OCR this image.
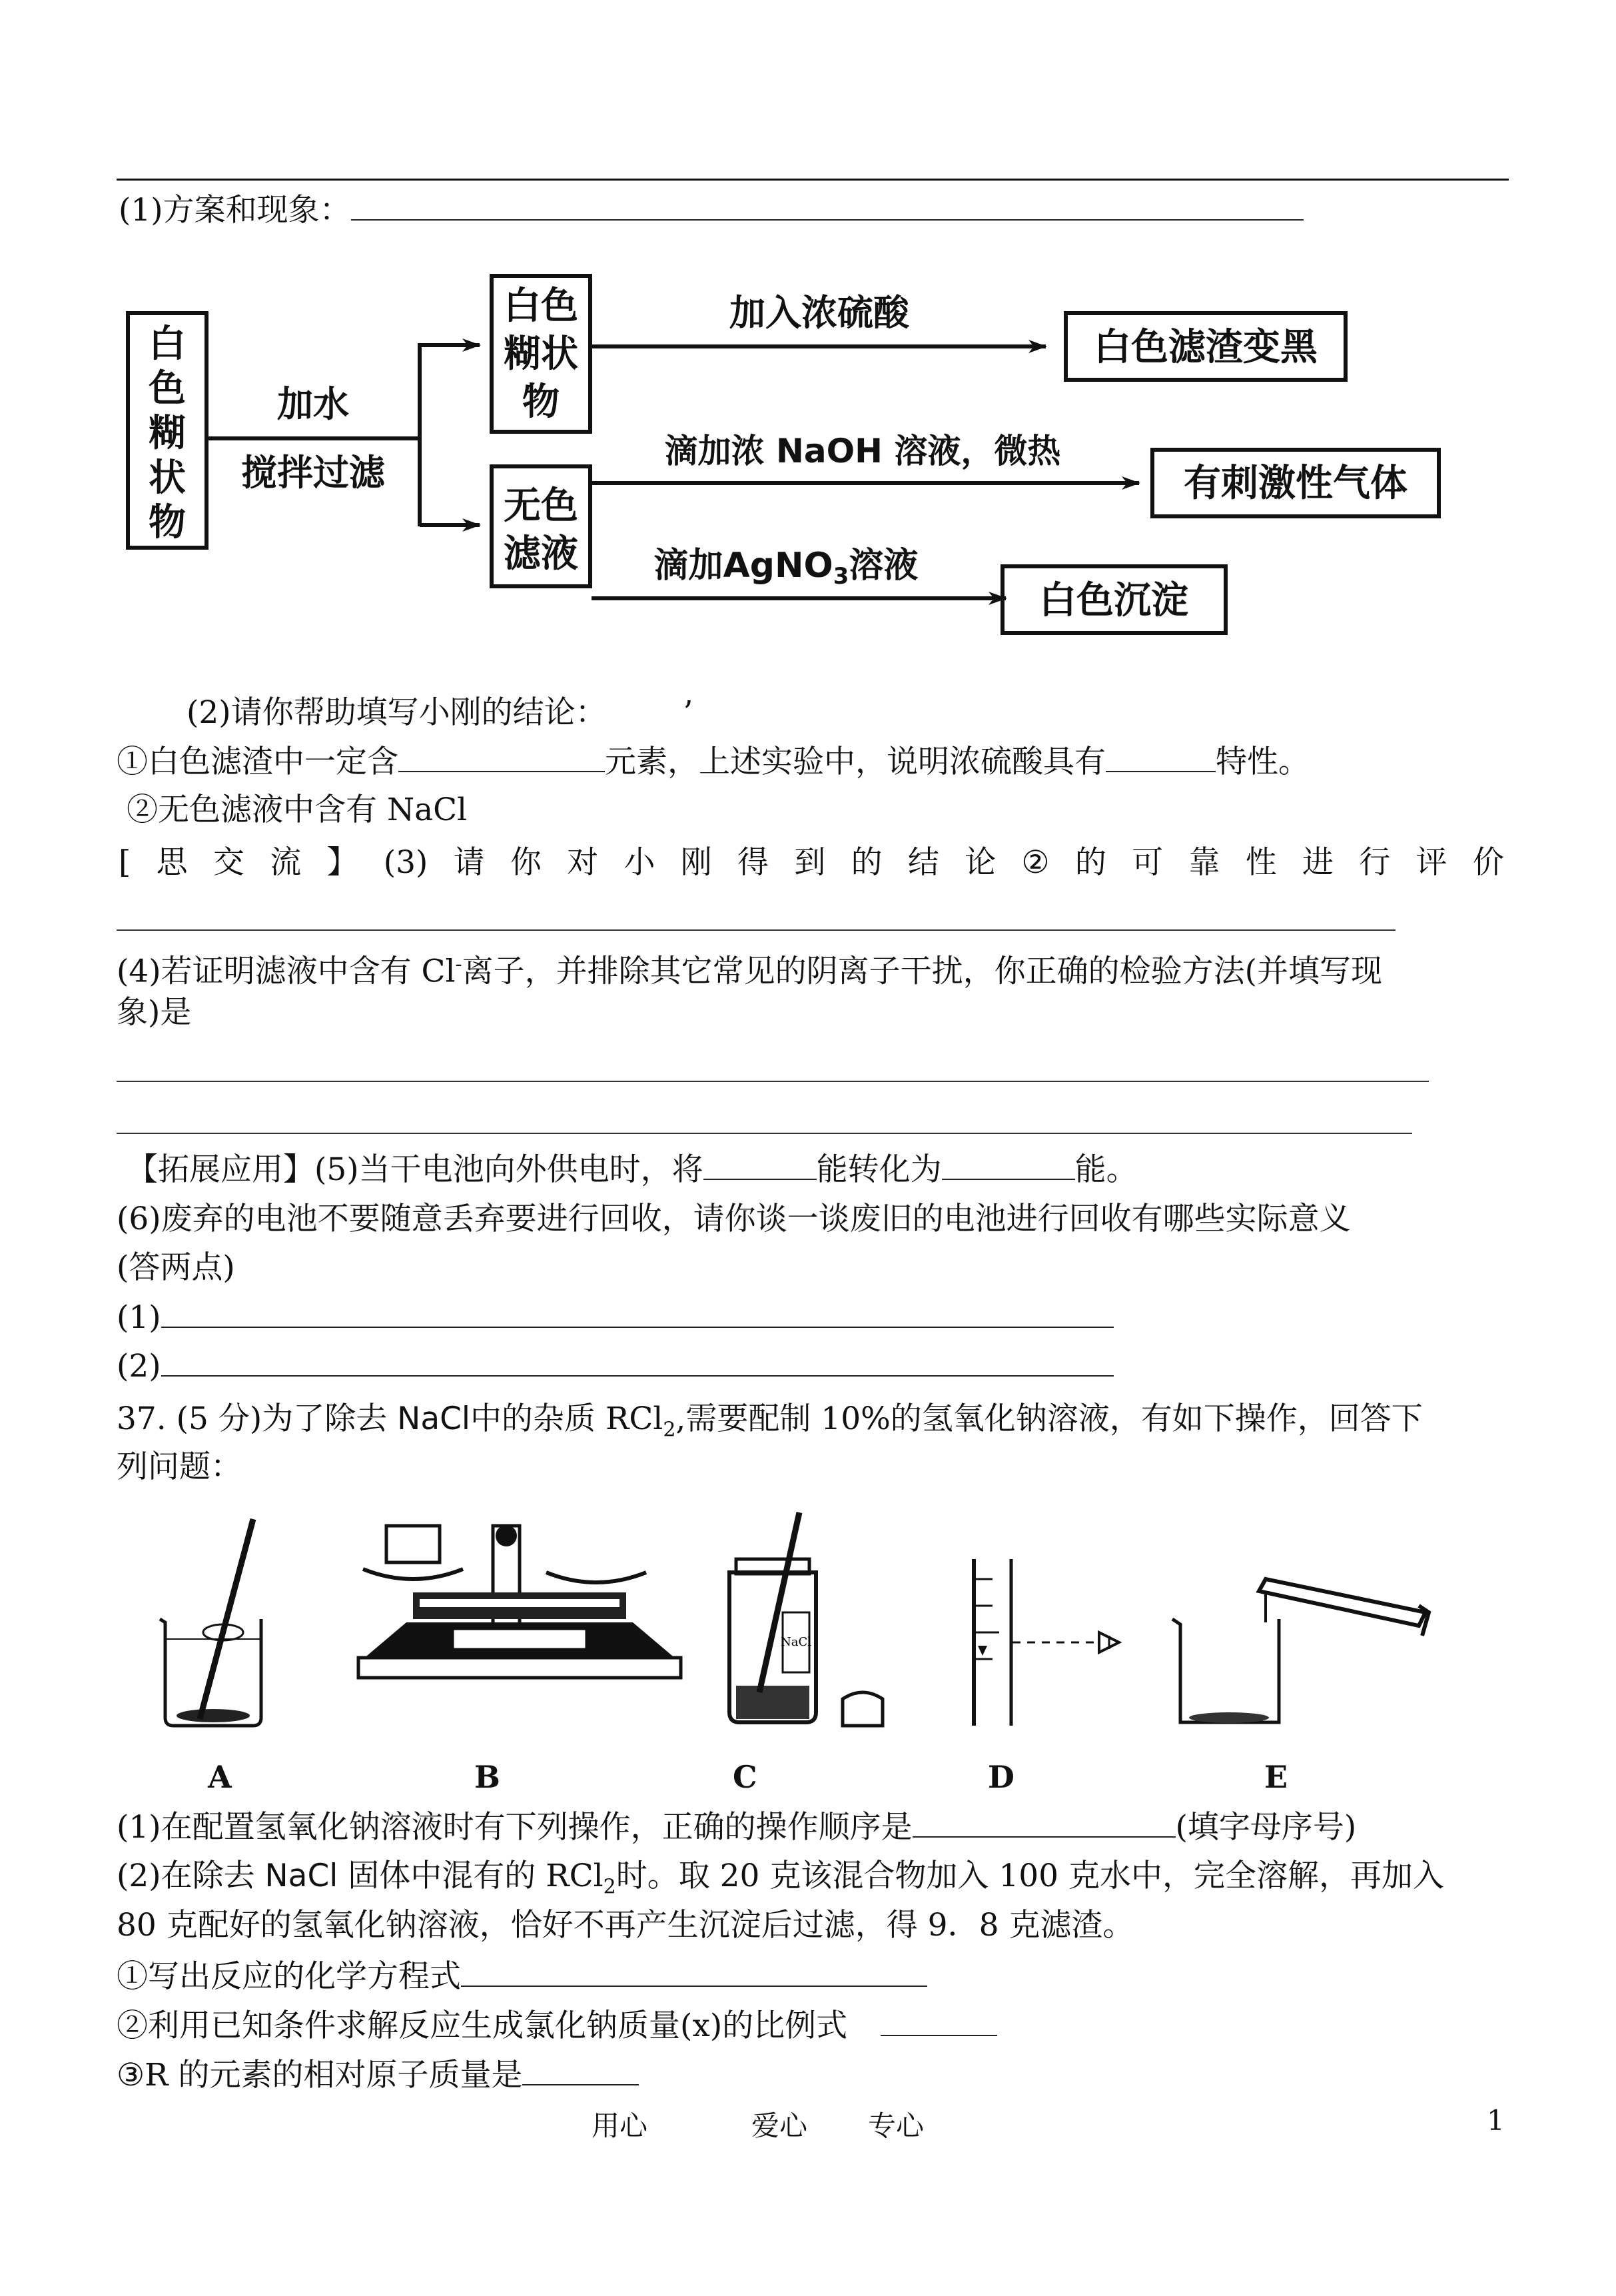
(1)方案和现象：
白
色
糊
状
物
加水
搅拌过滤
白色
糊状
物
无色
滤液
加入浓硫酸
白色滤渣变黑
滴加浓 NaOH 溶液，微热
有刺激性气体
滴加AgNO3溶液
白色沉淀
(2)请你帮助填写小刚的结论： ’
①白色滤渣中一定含	元素，上述实验中，说明浓硫酸具有	特性。
②无色滤液中含有 NaCl
[ 思 交 流 】 (3) 请 你 对 小 刚 得 到 的 结 论 ② 的 可 靠 性 进 行 评 价
(4)若证明滤液中含有 Cl-离子，并排除其它常见的阴离子干扰，你正确的检验方法(并填写现
象)是
【拓展应用】(5)当干电池向外供电时，将	能转化为	能。
(6)废弃的电池不要随意丢弃要进行回收，请你谈一谈废旧的电池进行回收有哪些实际意义
(答两点)
(1)
(2)
37. (5 分)为了除去 NaCl中的杂质 RCl$_2$,需要配制 10%的氢氧化钠溶液，有如下操作，回答下
列问题：
NaCl
A	B	C	D	E
(1)在配置氢氧化钠溶液时有下列操作，正确的操作顺序是	(填字母序号)
(2)在除去 NaCl 固体中混有的 RCl$_2$时。取 20 克该混合物加入 100 克水中，完全溶解，再加入
80 克配好的氢氧化钠溶液，恰好不再产生沉淀后过滤，得 9．8 克滤渣。
①写出反应的化学方程式
②利用已知条件求解反应生成氯化钠质量(x)的比例式
③R 的元素的相对原子质量是
用心	爱心 专心	1
